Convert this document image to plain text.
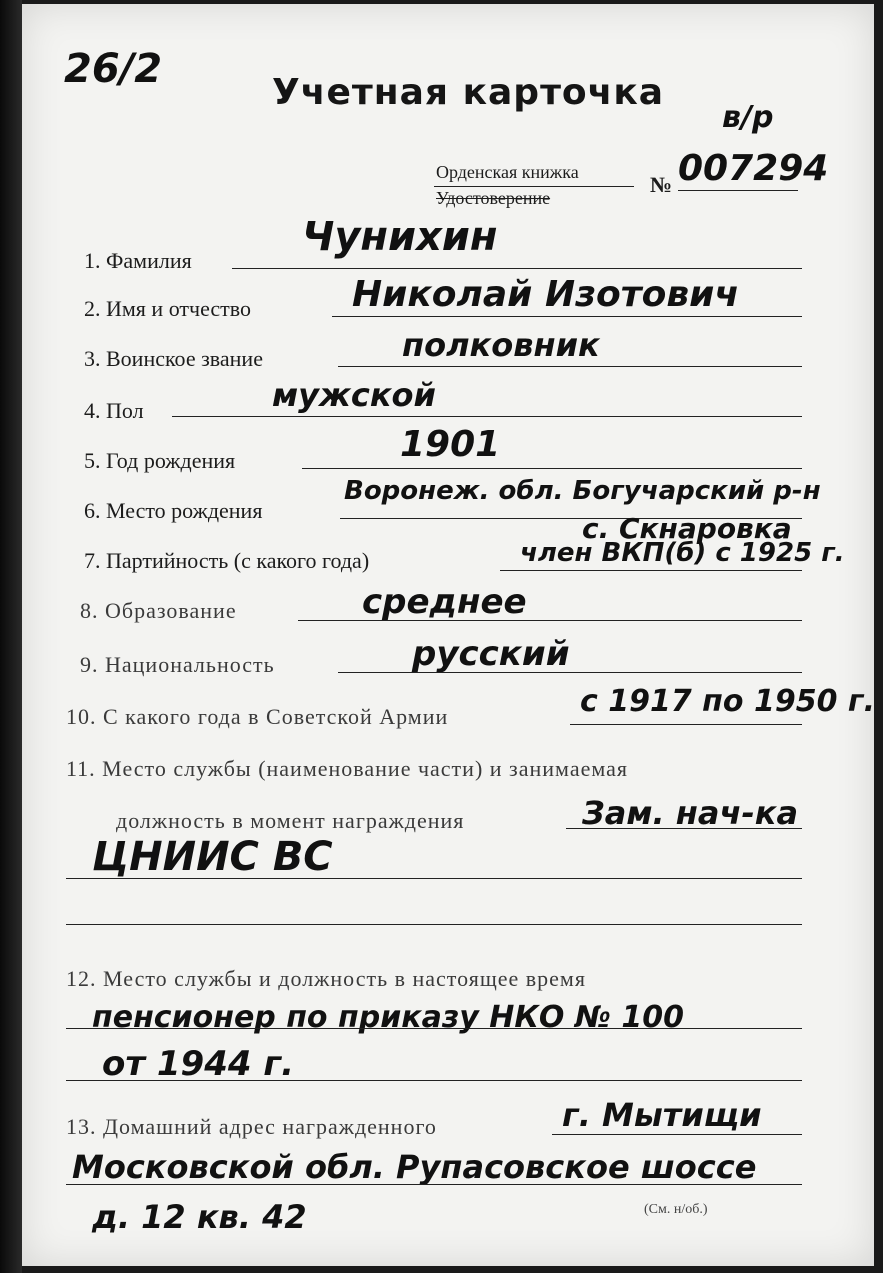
26/2
Учетная карточка
в/р
Орденская книжка
Удостоверение
№ 007294
1. Фамилия
Чунихин
2. Имя и отчество	Николай Изотович
3. Воинское звание	полковник
4. Пол	мужской
5. Год рождения	1901
6. Место рождения
Воронеж. обл. Богучарский р-н
с. Скнаровка
7. Партийность (с какого года)	член ВКП(б) с 1925 г.
8. Образование	среднее
9. Национальность	русский
10. С какого года в Советской Армии	с 1917 по 1950 г.
11. Место службы (наименование части) и занимаемая
должность в момент награждения	Зам. нач-ка
ЦНИИС ВС
12. Место службы и должность в настоящее время
пенсионер по приказу НКО № 100
от 1944 г.
13. Домашний адрес награжденного	г. Мытищи
Московской обл. Рупасовское шоссе
д. 12 кв. 42	(См. н/об.)
